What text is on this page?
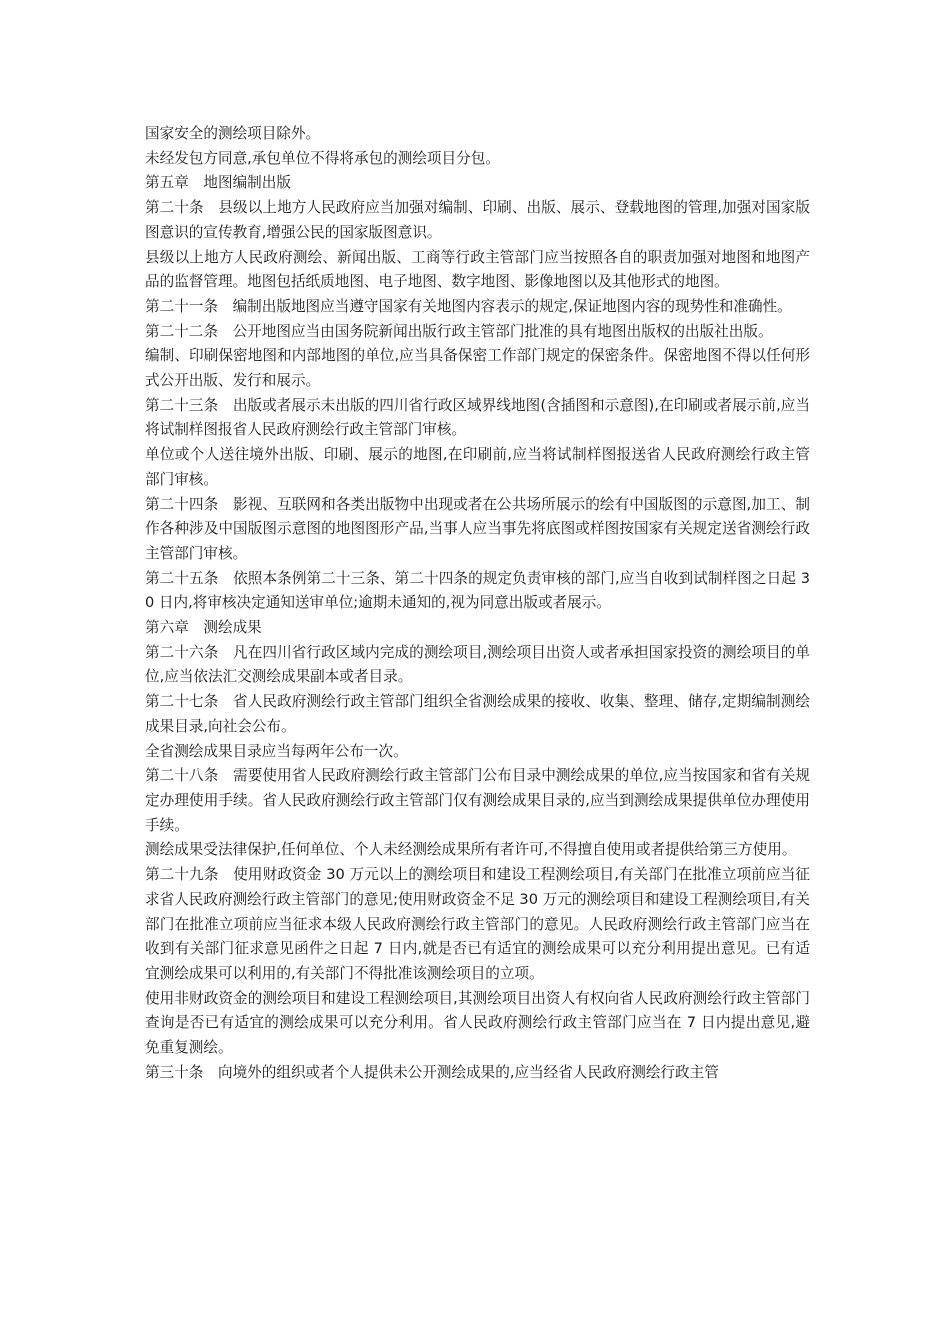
国家安全的测绘项目除外。

未经发包方同意,承包单位不得将承包的测绘项目分包。

第五章　地图编制出版

第二十条　县级以上地方人民政府应当加强对编制、印刷、出版、展示、登载地图的管理,加强对国家版图意识的宣传教育,增强公民的国家版图意识。

县级以上地方人民政府测绘、新闻出版、工商等行政主管部门应当按照各自的职责加强对地图和地图产品的监督管理。地图包括纸质地图、电子地图、数字地图、影像地图以及其他形式的地图。

第二十一条　编制出版地图应当遵守国家有关地图内容表示的规定,保证地图内容的现势性和准确性。

第二十二条　公开地图应当由国务院新闻出版行政主管部门批准的具有地图出版权的出版社出版。

编制、印刷保密地图和内部地图的单位,应当具备保密工作部门规定的保密条件。保密地图不得以任何形式公开出版、发行和展示。

第二十三条　出版或者展示未出版的四川省行政区域界线地图(含插图和示意图),在印刷或者展示前,应当将试制样图报省人民政府测绘行政主管部门审核。

单位或个人送往境外出版、印刷、展示的地图,在印刷前,应当将试制样图报送省人民政府测绘行政主管部门审核。

第二十四条　影视、互联网和各类出版物中出现或者在公共场所展示的绘有中国版图的示意图,加工、制作各种涉及中国版图示意图的地图图形产品,当事人应当事先将底图或样图按国家有关规定送省测绘行政主管部门审核。

第二十五条　依照本条例第二十三条、第二十四条的规定负责审核的部门,应当自收到试制样图之日起 30 日内,将审核决定通知送审单位;逾期未通知的,视为同意出版或者展示。

第六章　测绘成果

第二十六条　凡在四川省行政区域内完成的测绘项目,测绘项目出资人或者承担国家投资的测绘项目的单位,应当依法汇交测绘成果副本或者目录。

第二十七条　省人民政府测绘行政主管部门组织全省测绘成果的接收、收集、整理、储存,定期编制测绘成果目录,向社会公布。

全省测绘成果目录应当每两年公布一次。

第二十八条　需要使用省人民政府测绘行政主管部门公布目录中测绘成果的单位,应当按国家和省有关规定办理使用手续。省人民政府测绘行政主管部门仅有测绘成果目录的,应当到测绘成果提供单位办理使用手续。

测绘成果受法律保护,任何单位、个人未经测绘成果所有者许可,不得擅自使用或者提供给第三方使用。

第二十九条　使用财政资金 30 万元以上的测绘项目和建设工程测绘项目,有关部门在批准立项前应当征求省人民政府测绘行政主管部门的意见;使用财政资金不足 30 万元的测绘项目和建设工程测绘项目,有关部门在批准立项前应当征求本级人民政府测绘行政主管部门的意见。人民政府测绘行政主管部门应当在收到有关部门征求意见函件之日起 7 日内,就是否已有适宜的测绘成果可以充分利用提出意见。已有适宜测绘成果可以利用的,有关部门不得批准该测绘项目的立项。

使用非财政资金的测绘项目和建设工程测绘项目,其测绘项目出资人有权向省人民政府测绘行政主管部门查询是否已有适宜的测绘成果可以充分利用。省人民政府测绘行政主管部门应当在 7 日内提出意见,避免重复测绘。

第三十条　向境外的组织或者个人提供未公开测绘成果的,应当经省人民政府测绘行政主管
